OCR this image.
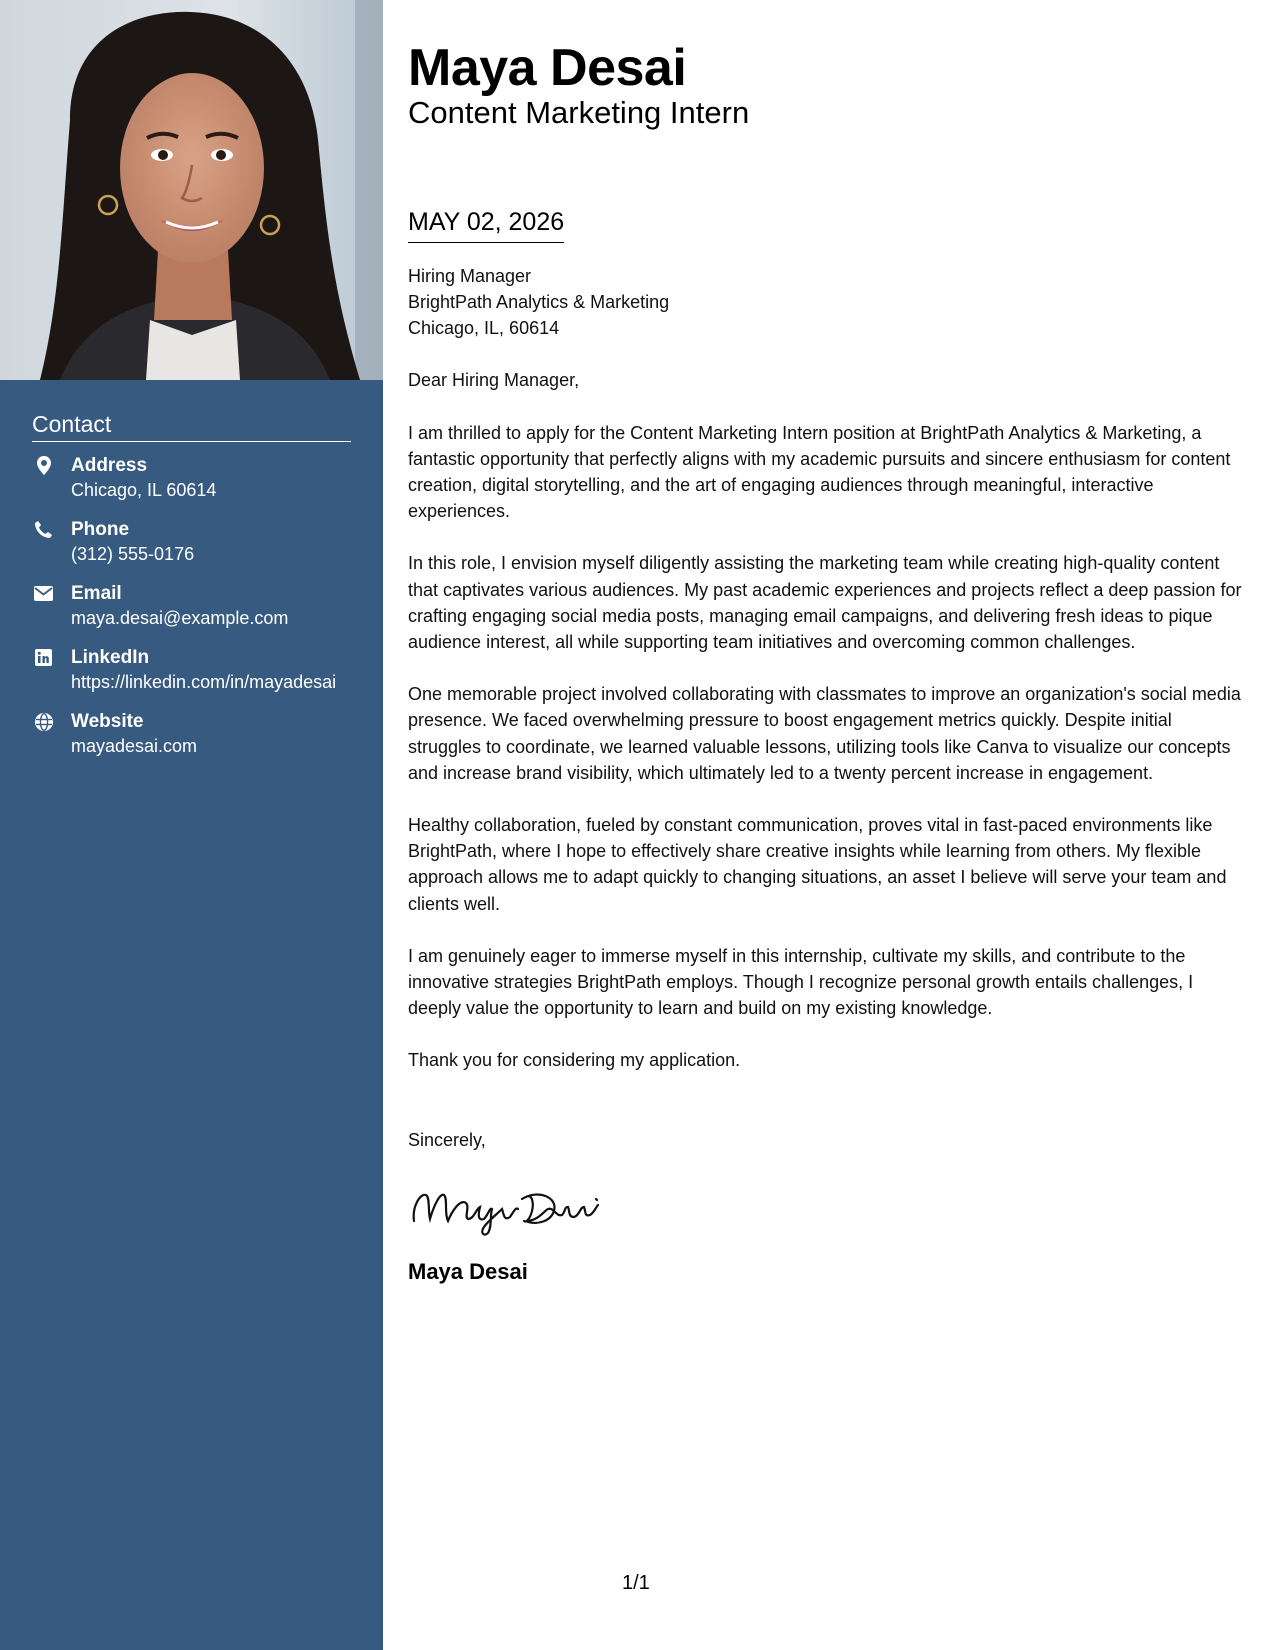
Contact
Address
Chicago, IL 60614
Phone
(312) 555-0176
Email
maya.desai@example.com
LinkedIn
https://linkedin.com/in/mayadesai
Website
mayadesai.com
Maya Desai
Content Marketing Intern
MAY 02, 2026
Hiring Manager
BrightPath Analytics & Marketing
Chicago, IL, 60614
Dear Hiring Manager,
I am thrilled to apply for the Content Marketing Intern position at BrightPath Analytics & Marketing, a fantastic opportunity that perfectly aligns with my academic pursuits and sincere enthusiasm for content creation, digital storytelling, and the art of engaging audiences through meaningful, interactive experiences.
In this role, I envision myself diligently assisting the marketing team while creating high-quality content that captivates various audiences. My past academic experiences and projects reflect a deep passion for crafting engaging social media posts, managing email campaigns, and delivering fresh ideas to pique audience interest, all while supporting team initiatives and overcoming common challenges.
One memorable project involved collaborating with classmates to improve an organization's social media presence. We faced overwhelming pressure to boost engagement metrics quickly. Despite initial struggles to coordinate, we learned valuable lessons, utilizing tools like Canva to visualize our concepts and increase brand visibility, which ultimately led to a twenty percent increase in engagement.
Healthy collaboration, fueled by constant communication, proves vital in fast-paced environments like BrightPath, where I hope to effectively share creative insights while learning from others. My flexible approach allows me to adapt quickly to changing situations, an asset I believe will serve your team and clients well.
I am genuinely eager to immerse myself in this internship, cultivate my skills, and contribute to the innovative strategies BrightPath employs. Though I recognize personal growth entails challenges, I deeply value the opportunity to learn and build on my existing knowledge.
Thank you for considering my application.
Sincerely,
Maya Desai
1/1
